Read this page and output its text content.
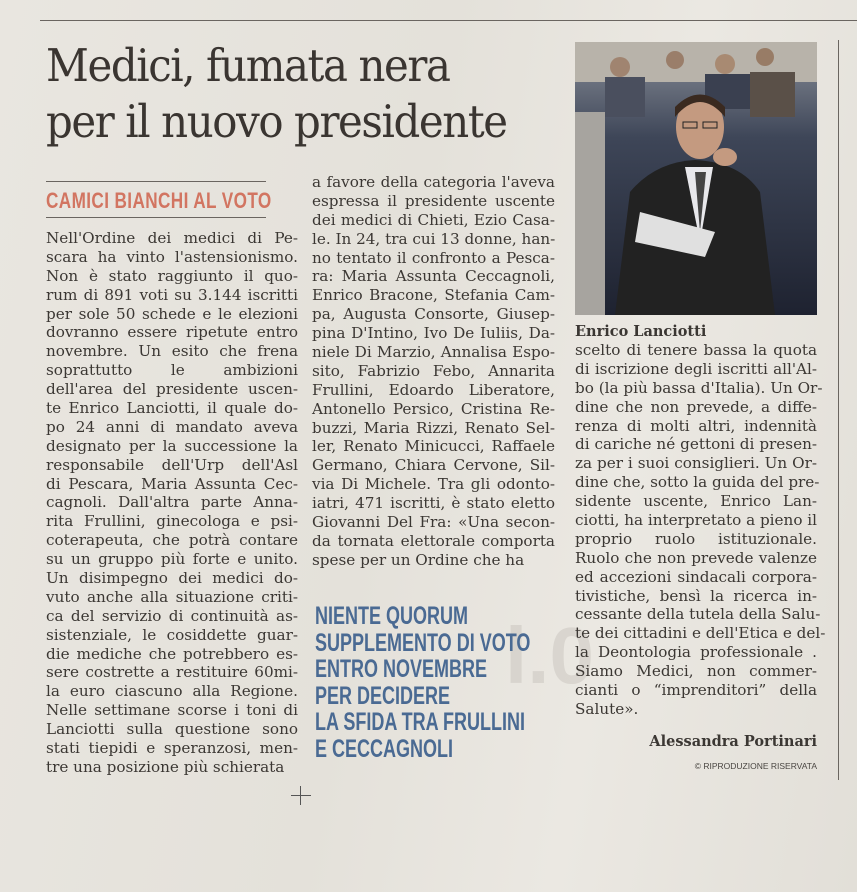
Medici, fumata nera
per il nuovo presidente
CAMICI BIANCHI AL VOTO
Nell'Ordine dei medici di Pe-
scara ha vinto l'astensionismo.
Non è stato raggiunto il quo-
rum di 891 voti su 3.144 iscritti
per sole 50 schede e le elezioni
dovranno essere ripetute entro
novembre. Un esito che frena
soprattutto le ambizioni
dell'area del presidente uscen-
te Enrico Lanciotti, il quale do-
po 24 anni di mandato aveva
designato per la successione la
responsabile dell'Urp dell'Asl
di Pescara, Maria Assunta Cec-
cagnoli. Dall'altra parte Anna-
rita Frullini, ginecologa e psi-
coterapeuta, che potrà contare
su un gruppo più forte e unito.
Un disimpegno dei medici do-
vuto anche alla situazione criti-
ca del servizio di continuità as-
sistenziale, le cosiddette guar-
die mediche che potrebbero es-
sere costrette a restituire 60mi-
la euro ciascuno alla Regione.
Nelle settimane scorse i toni di
Lanciotti sulla questione sono
stati tiepidi e speranzosi, men-
tre una posizione più schierata
a favore della categoria l'aveva
espressa il presidente uscente
dei medici di Chieti, Ezio Casa-
le. In 24, tra cui 13 donne, han-
no tentato il confronto a Pesca-
ra: Maria Assunta Ceccagnoli,
Enrico Bracone, Stefania Cam-
pa, Augusta Consorte, Giusep-
pina D'Intino, Ivo De Iuliis, Da-
niele Di Marzio, Annalisa Espo-
sito, Fabrizio Febo, Annarita
Frullini, Edoardo Liberatore,
Antonello Persico, Cristina Re-
buzzi, Maria Rizzi, Renato Sel-
ler, Renato Minicucci, Raffaele
Germano, Chiara Cervone, Sil-
via Di Michele. Tra gli odonto-
iatri, 471 iscritti, è stato eletto
Giovanni Del Fra: «Una secon-
da tornata elettorale comporta
spese per un Ordine che ha
l.0
NIENTE QUORUM
SUPPLEMENTO DI VOTO
ENTRO NOVEMBRE
PER DECIDERE
LA SFIDA TRA FRULLINI
E CECCAGNOLI
Enrico Lanciotti
scelto di tenere bassa la quota
di iscrizione degli iscritti all'Al-
bo (la più bassa d'Italia). Un Or-
dine che non prevede, a diffe-
renza di molti altri, indennità
di cariche né gettoni di presen-
za per i suoi consiglieri. Un Or-
dine che, sotto la guida del pre-
sidente uscente, Enrico Lan-
ciotti, ha interpretato a pieno il
proprio ruolo istituzionale.
Ruolo che non prevede valenze
ed accezioni sindacali corpora-
tivistiche, bensì la ricerca in-
cessante della tutela della Salu-
te dei cittadini e dell'Etica e del-
la Deontologia professionale .
Siamo Medici, non commer-
cianti o “imprenditori” della
Salute».
Alessandra Portinari
© RIPRODUZIONE RISERVATA
